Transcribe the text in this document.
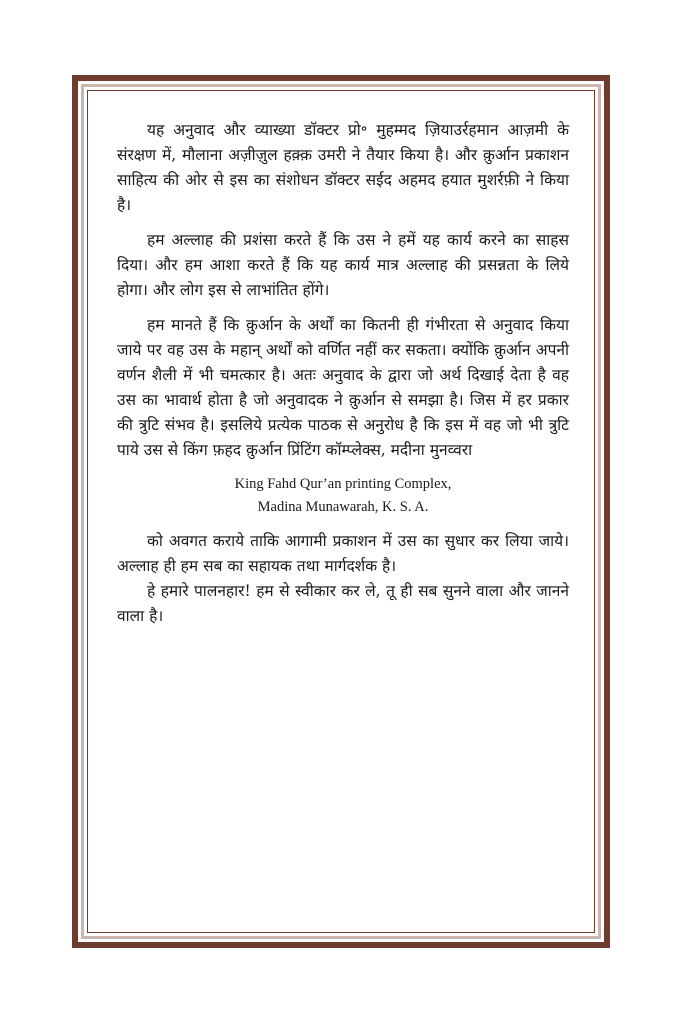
यह अनुवाद और व्याख्या डॉक्टर प्रो॰ मुहम्मद ज़ियाउर्रहमान आज़मी के संरक्षण में, मौलाना अज़ीज़ुल हक़्क़ उमरी ने तैयार किया है। और क़ुर्आन प्रकाशन साहित्य की ओर से इस का संशोधन डॉक्टर सईद अहमद हयात मुशर्रफ़ी ने किया है।

हम अल्लाह की प्रशंसा करते हैं कि उस ने हमें यह कार्य करने का साहस दिया। और हम आशा करते हैं कि यह कार्य मात्र अल्लाह की प्रसन्नता के लिये होगा। और लोग इस से लाभांतित होंगे।

हम मानते हैं कि क़ुर्आन के अर्थों का कितनी ही गंभीरता से अनुवाद किया जाये पर वह उस के महान् अर्थों को वर्णित नहीं कर सकता। क्योंकि क़ुर्आन अपनी वर्णन शैली में भी चमत्कार है। अतः अनुवाद के द्वारा जो अर्थ दिखाई देता है वह उस का भावार्थ होता है जो अनुवादक ने क़ुर्आन से समझा है। जिस में हर प्रकार की त्रुटि संभव है। इसलिये प्रत्येक पाठक से अनुरोध है कि इस में वह जो भी त्रुटि पाये उस से किंग फ़हद क़ुर्आन प्रिंटिंग कॉम्प्लेक्स, मदीना मुनव्वरा

King Fahd Qur’an printing Complex,
Madina Munawarah, K. S. A.

को अवगत कराये ताकि आगामी प्रकाशन में उस का सुधार कर लिया जाये। अल्लाह ही हम सब का सहायक तथा मार्गदर्शक है।

हे हमारे पालनहार! हम से स्वीकार कर ले, तू ही सब सुनने वाला और जानने वाला है।
